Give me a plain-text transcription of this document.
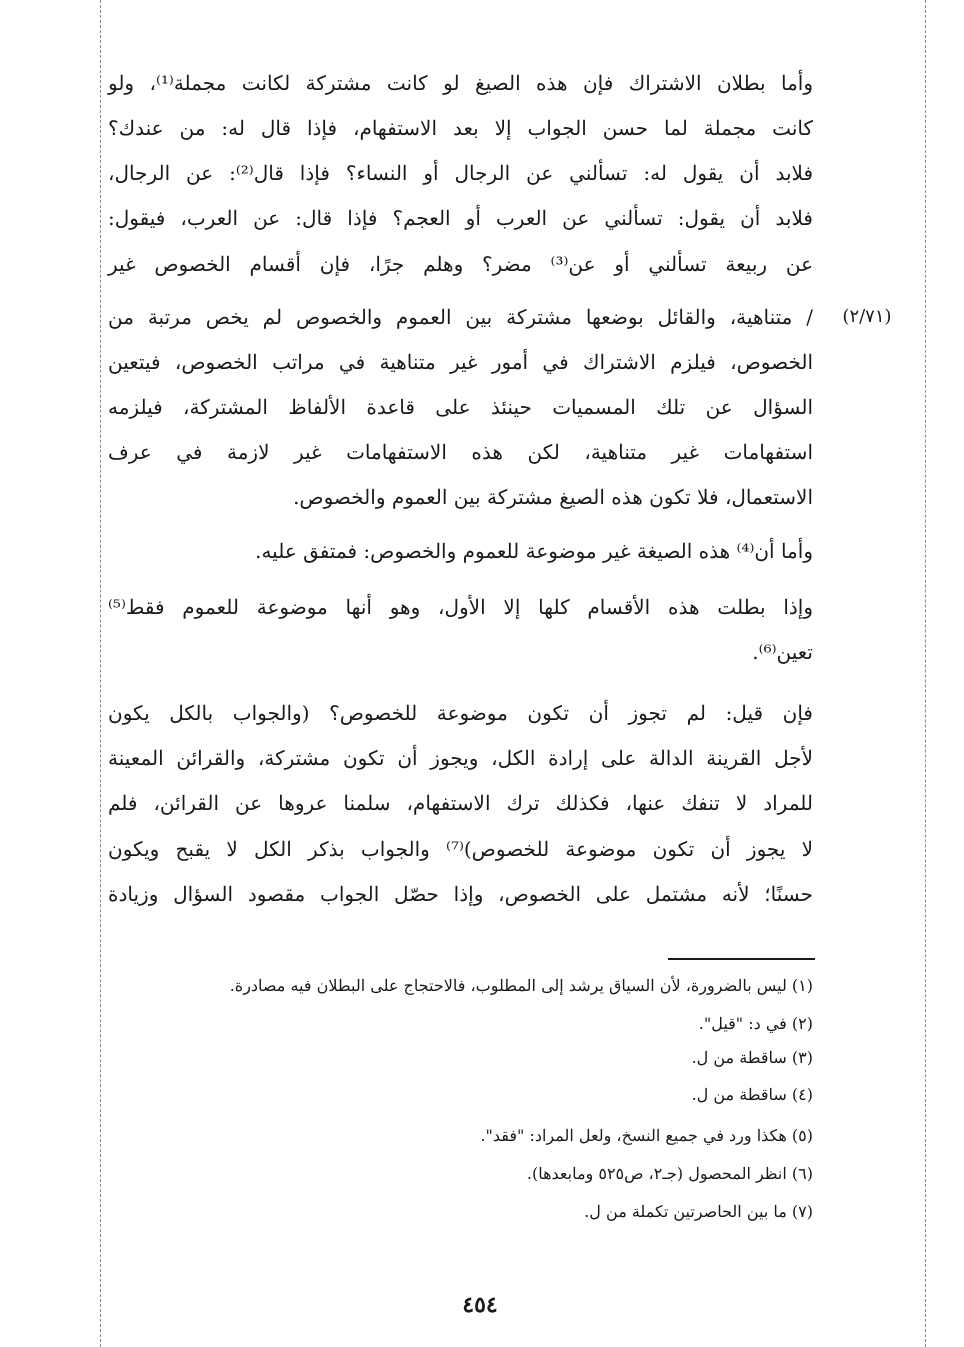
وأما بطلان الاشتراك فإن هذه الصيغ لو كانت مشتركة لكانت مجملة⁽¹⁾، ولو
كانت مجملة لما حسن الجواب إلا بعد الاستفهام، فإذا قال له: من عندك؟
فلابد أن يقول له: تسألني عن الرجال أو النساء؟ فإذا قال⁽²⁾: عن الرجال،
فلابد أن يقول: تسألني عن العرب أو العجم؟ فإذا قال: عن العرب، فيقول:
عن ربيعة تسألني أو عن⁽³⁾ مضر؟ وهلم جرًا، فإن أقسام الخصوص غير
/ متناهية، والقائل بوضعها مشتركة بين العموم والخصوص لم يخص مرتبة من
الخصوص، فيلزم الاشتراك في أمور غير متناهية في مراتب الخصوص، فيتعين
السؤال عن تلك المسميات حينئذ على قاعدة الألفاظ المشتركة، فيلزمه
استفهامات غير متناهية، لكن هذه الاستفهامات غير لازمة في عرف
الاستعمال، فلا تكون هذه الصيغ مشتركة بين العموم والخصوص.
وأما أن⁽⁴⁾ هذه الصيغة غير موضوعة للعموم والخصوص: فمتفق عليه.
وإذا بطلت هذه الأقسام كلها إلا الأول، وهو أنها موضوعة للعموم فقط⁽⁵⁾
تعين⁽⁶⁾.
فإن قيل: لم تجوز أن تكون موضوعة للخصوص؟ (والجواب بالكل يكون
لأجل القرينة الدالة على إرادة الكل، ويجوز أن تكون مشتركة، والقرائن المعينة
للمراد لا تنفك عنها، فكذلك ترك الاستفهام، سلمنا عروها عن القرائن، فلم
لا يجوز أن تكون موضوعة للخصوص)⁽⁷⁾ والجواب بذكر الكل لا يقبح ويكون
حسنًا؛ لأنه مشتمل على الخصوص، وإذا حصّل الجواب مقصود السؤال وزيادة
(٢/٧١)
(١) ليس بالضرورة، لأن السياق يرشد إلى المطلوب، فالاحتجاج على البطلان فيه مصادرة.
(٢) في د: "قيل".
(٣) ساقطة من ل.
(٤) ساقطة من ل.
(٥) هكذا ورد في جميع النسخ، ولعل المراد: "فقد".
(٦) انظر المحصول (جـ٢، ص٥٢٥ ومابعدها).
(٧) ما بين الحاصرتين تكملة من ل.
٤٥٤
